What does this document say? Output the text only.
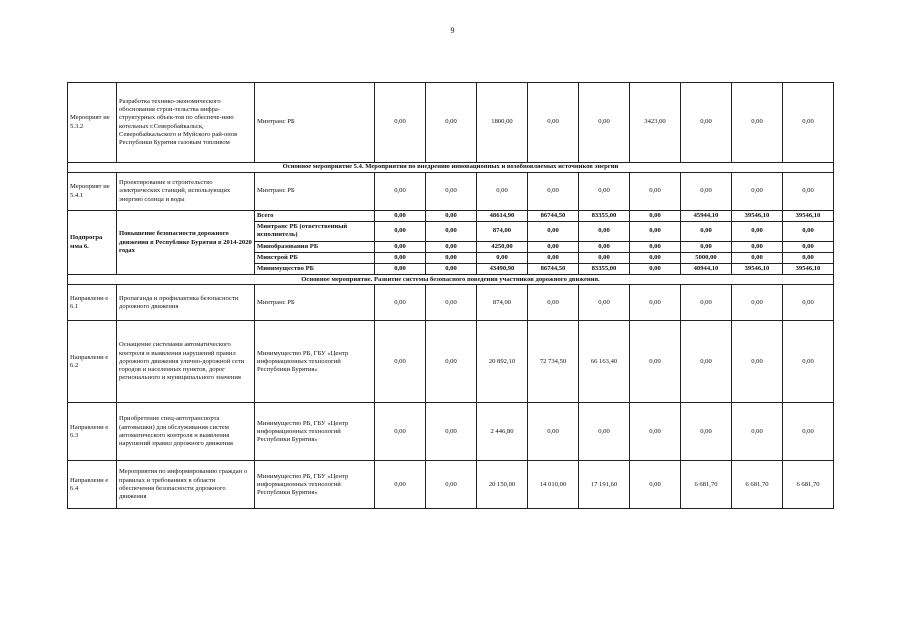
9
Мероприят ие 5.3.2	Разработка технико-экономического обоснования строи-тельства инфра-структурных объек-тов по обеспече-нию котельных г.Северобайкальск, Северобайкальского и Муйского рай-онов Республики Бурятия газовым топливом	Минтранс РБ	0,00	0,00	1800,00	0,00	0,00	3423,00	0,00	0,00	0,00
Основное мероприятие 5.4. Мероприятия по внедрению инновационных и возобновляемых источников энергии											
Мероприят ие 5.4.1	Проектирование и строительство электрических станций, использующих энергию солнца и воды	Минтранс РБ	0,00	0,00	0,00	0,00	0,00	0,00	0,00	0,00	0,00
Подпрогра мма 6.	Повышение безопасности дорожного движения в Республике Бурятия в 2014-2020 годах	Всего	0,00	0,00	48614,90	86744,50	83355,00	0,00	45944,10	39546,10	39546,10
		Минтранс РБ (ответственный исполнитель)	0,00	0,00	874,00	0,00	0,00	0,00	0,00	0,00	0,00
		Минобразования РБ	0,00	0,00	4250,00	0,00	0,00	0,00	0,00	0,00	0,00
		Минстрой РБ	0,00	0,00	0,00	0,00	0,00	0,00	5000,00	0,00	0,00
		Минимущество РБ	0,00	0,00	43490,90	86744,50	83355,00	0,00	40944,10	39546,10	39546,10
Основное мероприятие. Развитие системы безопасного поведения участников дорожного движения.											
Направлени е 6.1	Пропаганда и профилактика безопасности дорожного движения	Минтранс РБ	0,00	0,00	874,00	0,00	0,00	0,00	0,00	0,00	0,00
Направлени е 6.2	Оснащение системами автоматического контроля и выявления нарушений правил дорожного движения улично-дорожной сети городов и населенных пунктов, дорог регионального и муниципального значения	Минимущество РБ, ГБУ «Центр информационных технологий Республики Бурятия»	0,00	0,00	20 892,10	72 734,50	66 163,40	0,00	0,00	0,00	0,00
Направлени е 6.3	Приобретение спец-автотранспорта (автовышки) для обслуживания систем автоматического контроля и выявления нарушений правил дорожного движения	Минимущество РБ, ГБУ «Центр информационных технологий Республики Бурятия»	0,00	0,00	2 446,80	0,00	0,00	0,00	0,00	0,00	0,00
Направлени е 6.4	Мероприятия по информированию граждан о правилах и требованиях в области обеспечения безопасности дорожного движения	Минимущество РБ, ГБУ «Центр информационных технологий Республики Бурятия»	0,00	0,00	20 150,00	14 010,00	17 191,60	0,00	6 681,70	6 681,70	6 681,70
